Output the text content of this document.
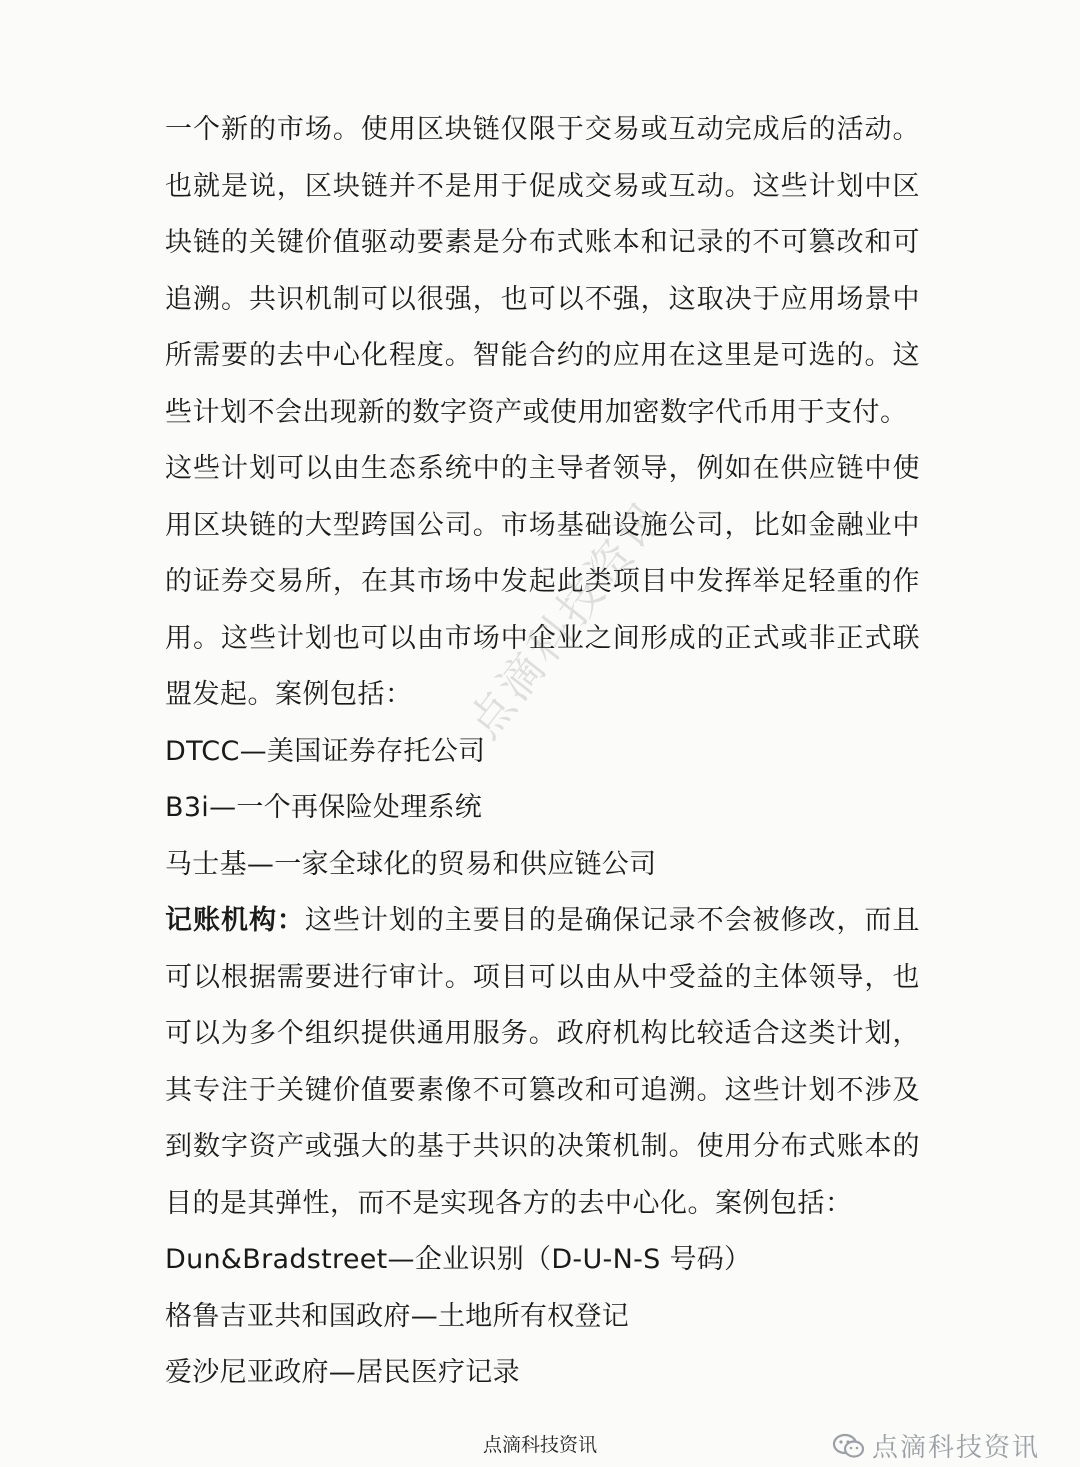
一个新的市场。使用区块链仅限于交易或互动完成后的活动。也就是说，区块链并不是用于促成交易或互动。这些计划中区块链的关键价值驱动要素是分布式账本和记录的不可篡改和可追溯。共识机制可以很强，也可以不强，这取决于应用场景中所需要的去中心化程度。智能合约的应用在这里是可选的。这些计划不会出现新的数字资产或使用加密数字代币用于支付。

这些计划可以由生态系统中的主导者领导，例如在供应链中使用区块链的大型跨国公司。市场基础设施公司，比如金融业中的证券交易所，在其市场中发起此类项目中发挥举足轻重的作用。这些计划也可以由市场中企业之间形成的正式或非正式联盟发起。案例包括：

DTCC—美国证券存托公司

B3i—一个再保险处理系统

马士基—一家全球化的贸易和供应链公司

记账机构：这些计划的主要目的是确保记录不会被修改，而且可以根据需要进行审计。项目可以由从中受益的主体领导，也可以为多个组织提供通用服务。政府机构比较适合这类计划，其专注于关键价值要素像不可篡改和可追溯。这些计划不涉及到数字资产或强大的基于共识的决策机制。使用分布式账本的目的是其弹性，而不是实现各方的去中心化。案例包括：

Dun&Bradstreet—企业识别（D-U-N-S 号码）

格鲁吉亚共和国政府—土地所有权登记

爱沙尼亚政府—居民医疗记录

点滴科技资讯
点滴科技资讯	点滴科技资讯
